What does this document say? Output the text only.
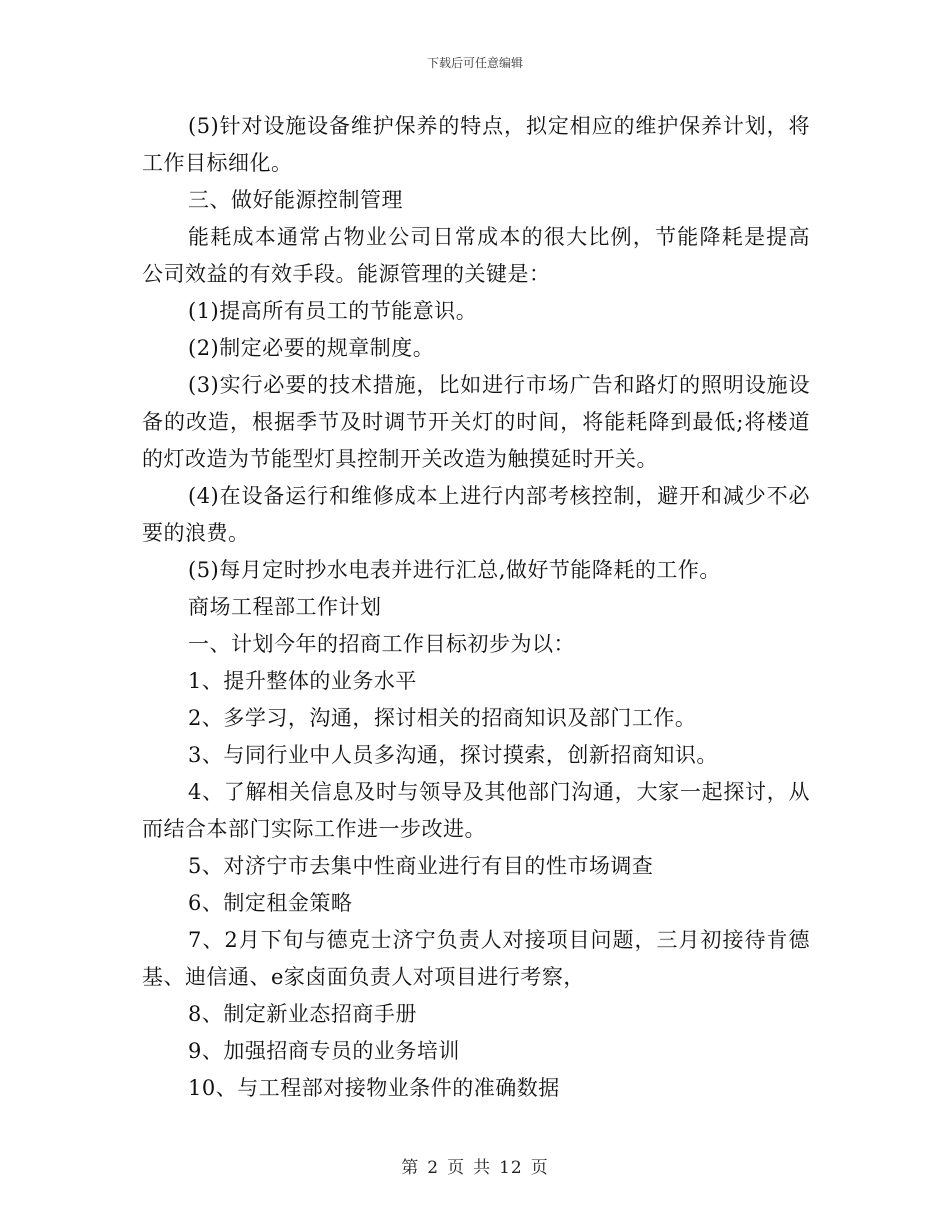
下载后可任意编辑

(5)针对设施设备维护保养的特点，拟定相应的维护保养计划，将工作目标细化。

三、做好能源控制管理

能耗成本通常占物业公司日常成本的很大比例，节能降耗是提高公司效益的有效手段。能源管理的关键是：

(1)提高所有员工的节能意识。

(2)制定必要的规章制度。

(3)实行必要的技术措施，比如进行市场广告和路灯的照明设施设备的改造，根据季节及时调节开关灯的时间，将能耗降到最低;将楼道的灯改造为节能型灯具控制开关改造为触摸延时开关。

(4)在设备运行和维修成本上进行内部考核控制，避开和减少不必要的浪费。

(5)每月定时抄水电表并进行汇总,做好节能降耗的工作。

商场工程部工作计划

一、计划今年的招商工作目标初步为以：

1、提升整体的业务水平

2、多学习，沟通，探讨相关的招商知识及部门工作。

3、与同行业中人员多沟通，探讨摸索，创新招商知识。

4、了解相关信息及时与领导及其他部门沟通，大家一起探讨，从而结合本部门实际工作进一步改进。

5、对济宁市去集中性商业进行有目的性市场调查

6、制定租金策略

7、2月下旬与德克士济宁负责人对接项目问题，三月初接待肯德基、迪信通、e家卤面负责人对项目进行考察，

8、制定新业态招商手册

9、加强招商专员的业务培训

10、与工程部对接物业条件的准确数据

第 2 页 共 12 页
